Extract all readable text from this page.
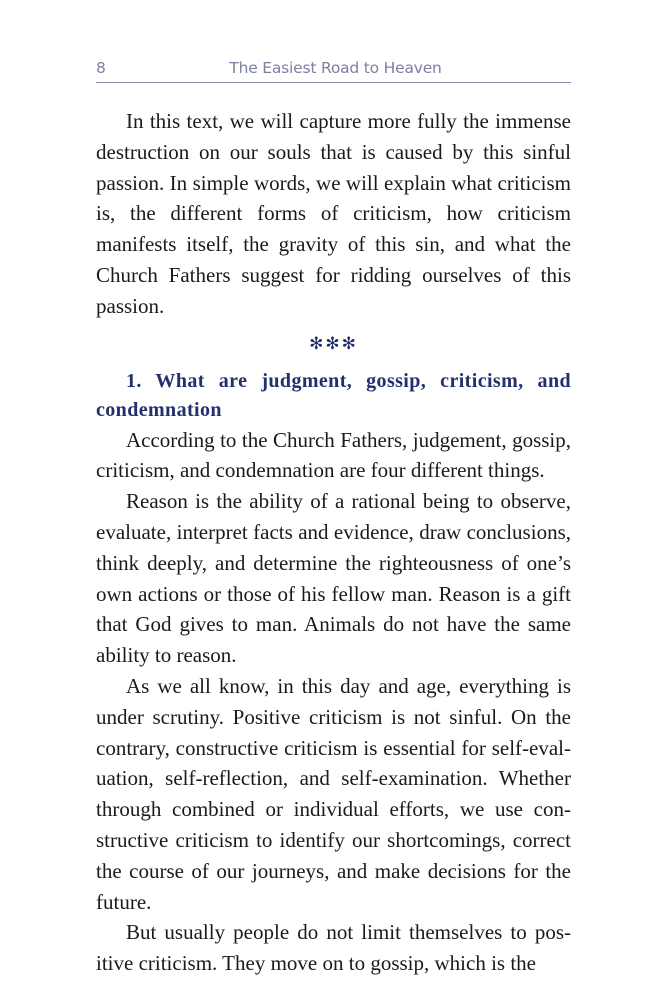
8	The Easiest Road to Heaven

In this text, we will capture more fully the immense destruction on our souls that is caused by this sinful passion. In simple words, we will explain what criticism is, the different forms of criticism, how criticism manifests itself, the gravity of this sin, and what the Church Fathers suggest for ridding ourselves of this passion.

✻✻✻
1. What are judgment, gossip, criticism, and condemnation

According to the Church Fathers, judgement, gossip, criticism, and condemnation are four different things.

Reason is the ability of a rational being to observe, evaluate, interpret facts and evidence, draw conclusions, think deeply, and determine the righteousness of one’s own actions or those of his fellow man. Reason is a gift that God gives to man. Animals do not have the same ability to reason.

As we all know, in this day and age, everything is under scrutiny. Positive criticism is not sinful. On the contrary, constructive criticism is essential for self-evaluation, self-reflection, and self-examination. Whether through combined or individual efforts, we use constructive criticism to identify our shortcomings, correct the course of our journeys, and make decisions for the future.

But usually people do not limit themselves to positive criticism. They move on to gossip, which is the
